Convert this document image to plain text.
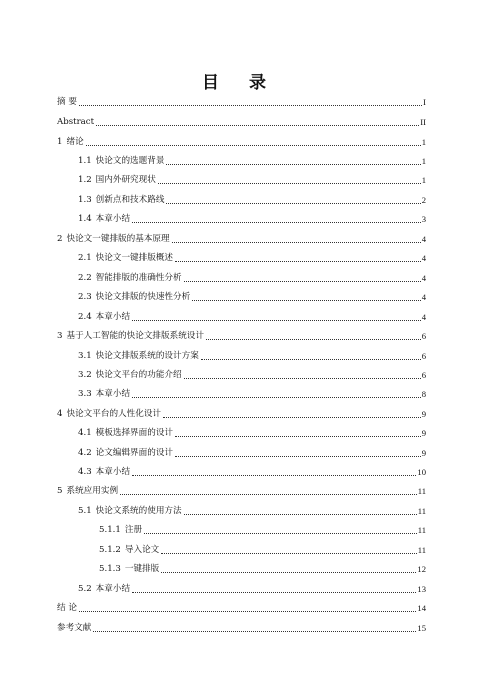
目 录
摘 要	I
Abstract	II
1 绪论	1
1.1 快论文的选题背景	1
1.2 国内外研究现状	1
1.3 创新点和技术路线	2
1.4 本章小结	3
2 快论文一键排版的基本原理	4
2.1 快论文一键排版概述	4
2.2 智能排版的准确性分析	4
2.3 快论文排版的快速性分析	4
2.4 本章小结	4
3 基于人工智能的快论文排版系统设计	6
3.1 快论文排版系统的设计方案	6
3.2 快论文平台的功能介绍	6
3.3 本章小结	8
4 快论文平台的人性化设计	9
4.1 模板选择界面的设计	9
4.2 论文编辑界面的设计	9
4.3 本章小结	10
5 系统应用实例	11
5.1 快论文系统的使用方法	11
5.1.1 注册	11
5.1.2 导入论文	11
5.1.3 一键排版	12
5.2 本章小结	13
结 论	14
参考文献	15
